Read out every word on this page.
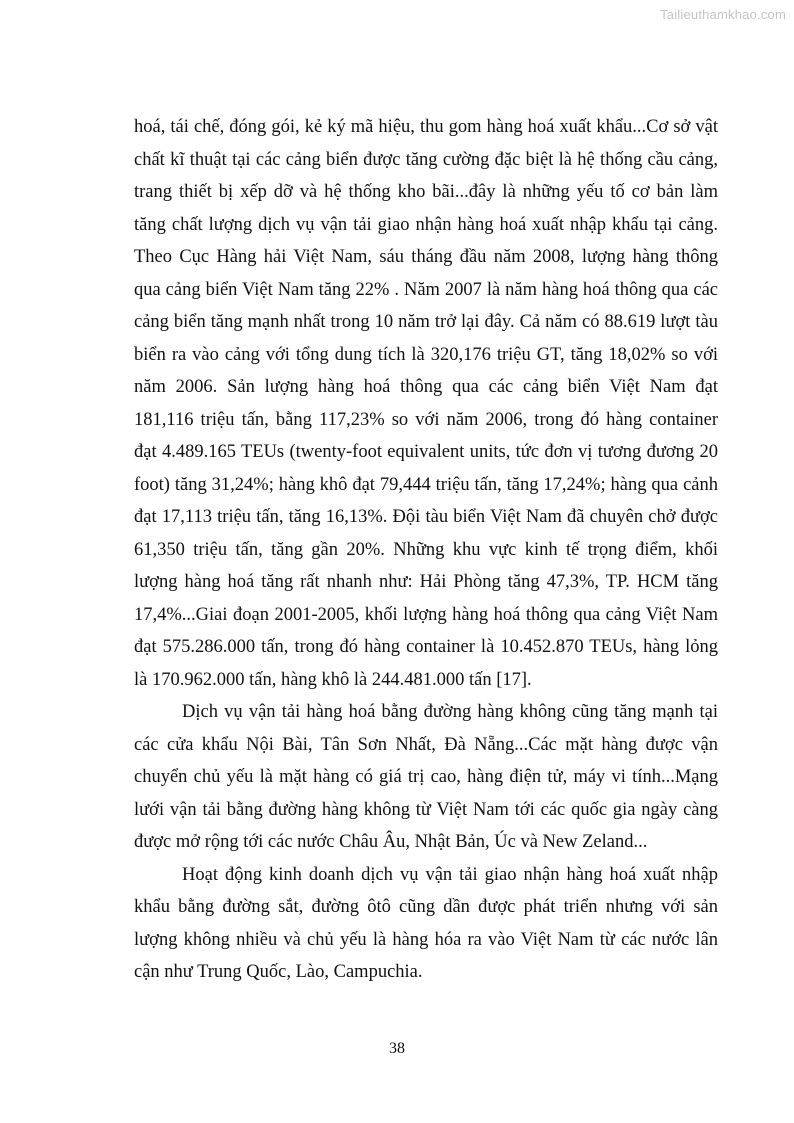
Tailieuthamkhao.com
hoá, tái chế, đóng gói, kẻ ký mã hiệu, thu gom hàng hoá xuất khẩu...Cơ sở vật
chất kĩ thuật tại các cảng biển được tăng cường đặc biệt là hệ thống cầu cảng,
trang thiết bị xếp dỡ và hệ thống kho bãi...đây là những yếu tố cơ bản làm
tăng chất lượng dịch vụ vận tải giao nhận hàng hoá xuất nhập khẩu tại cảng.
Theo Cục Hàng hải Việt Nam, sáu tháng đầu năm 2008, lượng hàng thông
qua cảng biển Việt Nam tăng 22% . Năm 2007 là năm hàng hoá thông qua các
cảng biển tăng mạnh nhất trong 10 năm trở lại đây. Cả năm có 88.619 lượt tàu
biển ra vào cảng với tổng dung tích là 320,176 triệu GT, tăng 18,02% so với
năm 2006. Sản lượng hàng hoá thông qua các cảng biển Việt Nam đạt
181,116 triệu tấn, bằng 117,23% so với năm 2006, trong đó hàng container
đạt 4.489.165 TEUs (twenty-foot equivalent units, tức đơn vị tương đương 20
foot) tăng 31,24%; hàng khô đạt 79,444 triệu tấn, tăng 17,24%; hàng qua cảnh
đạt 17,113 triệu tấn, tăng 16,13%. Đội tàu biển Việt Nam đã chuyên chở được
61,350 triệu tấn, tăng gần 20%. Những khu vực kinh tế trọng điểm, khối
lượng hàng hoá tăng rất nhanh như: Hải Phòng tăng 47,3%, TP. HCM tăng
17,4%...Giai đoạn 2001-2005, khối lượng hàng hoá thông qua cảng Việt Nam
đạt 575.286.000 tấn, trong đó hàng container là 10.452.870 TEUs, hàng lỏng
là 170.962.000 tấn, hàng khô là 244.481.000 tấn [17].
Dịch vụ vận tải hàng hoá bằng đường hàng không cũng tăng mạnh tại
các cửa khẩu Nội Bài, Tân Sơn Nhất, Đà Nẵng...Các mặt hàng được vận
chuyển chủ yếu là mặt hàng có giá trị cao, hàng điện tử, máy vi tính...Mạng
lưới vận tải bằng đường hàng không từ Việt Nam tới các quốc gia ngày càng
được mở rộng tới các nước Châu Âu, Nhật Bản, Úc và New Zeland...
Hoạt động kinh doanh dịch vụ vận tải giao nhận hàng hoá xuất nhập
khẩu bằng đường sắt, đường ôtô cũng dần được phát triển nhưng với sản
lượng không nhiều và chủ yếu là hàng hóa ra vào Việt Nam từ các nước lân
cận như Trung Quốc, Lào, Campuchia.
38
